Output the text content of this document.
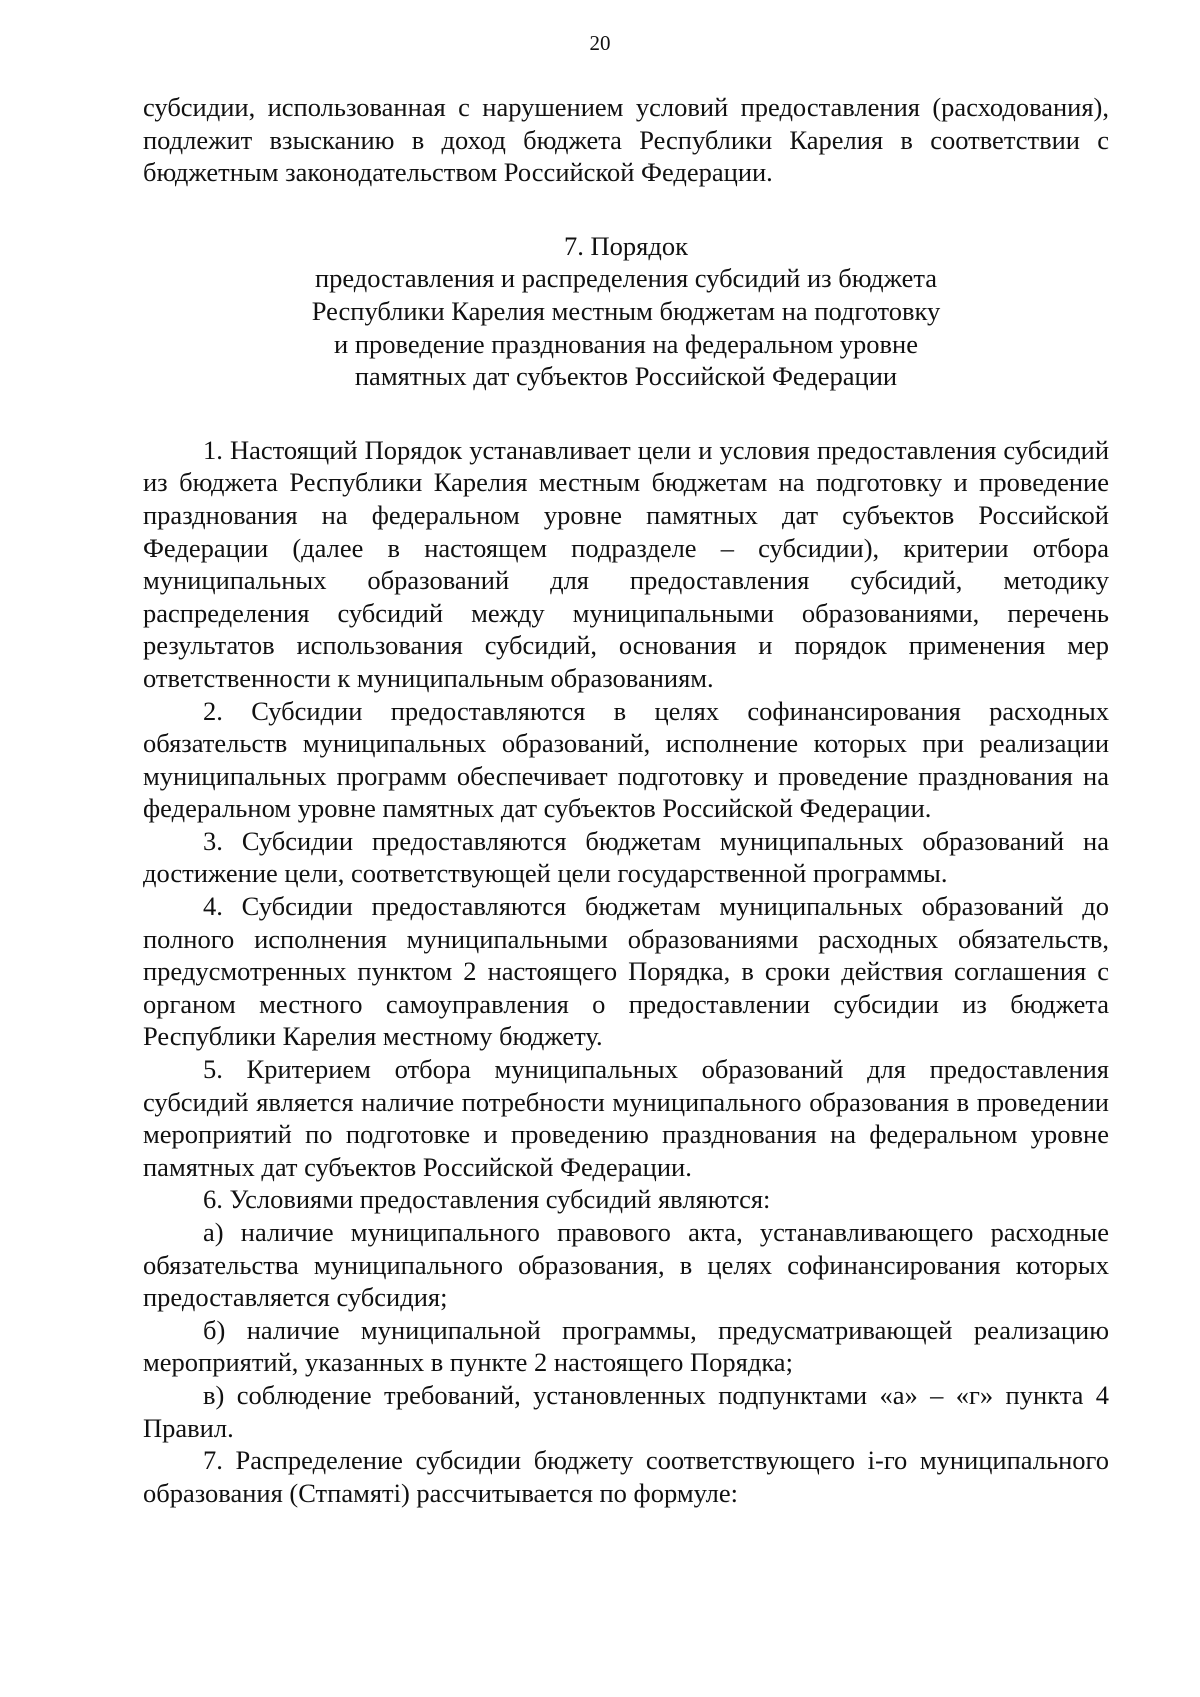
20

субсидии, использованная с нарушением условий предоставления (расходования), подлежит взысканию в доход бюджета Республики Карелия в соответствии с бюджетным законодательством Российской Федерации.

7. Порядок
предоставления и распределения субсидий из бюджета
Республики Карелия местным бюджетам на подготовку
и проведение празднования на федеральном уровне
памятных дат субъектов Российской Федерации

1. Настоящий Порядок устанавливает цели и условия предоставления субсидий из бюджета Республики Карелия местным бюджетам на подготовку и проведение празднования на федеральном уровне памятных дат субъектов Российской Федерации (далее в настоящем подразделе – субсидии), критерии отбора муниципальных образований для предоставления субсидий, методику распределения субсидий между муниципальными образованиями, перечень результатов использования субсидий, основания и порядок применения мер ответственности к муниципальным образованиям.

2. Субсидии предоставляются в целях софинансирования расходных обязательств муниципальных образований, исполнение которых при реализации муниципальных программ обеспечивает подготовку и проведение празднования на федеральном уровне памятных дат субъектов Российской Федерации.

3. Субсидии предоставляются бюджетам муниципальных образований на достижение цели, соответствующей цели государственной программы.

4. Субсидии предоставляются бюджетам муниципальных образований до полного исполнения муниципальными образованиями расходных обязательств, предусмотренных пунктом 2 настоящего Порядка, в сроки действия соглашения с органом местного самоуправления о предоставлении субсидии из бюджета Республики Карелия местному бюджету.

5. Критерием отбора муниципальных образований для предоставления субсидий является наличие потребности муниципального образования в проведении мероприятий по подготовке и проведению празднования на федеральном уровне памятных дат субъектов Российской Федерации.

6. Условиями предоставления субсидий являются:

а) наличие муниципального правового акта, устанавливающего расходные обязательства муниципального образования, в целях софинансирования которых предоставляется субсидия;

б) наличие муниципальной программы, предусматривающей реализацию мероприятий, указанных в пункте 2 настоящего Порядка;

в) соблюдение требований, установленных подпунктами «а» – «г» пункта 4 Правил.

7. Распределение субсидии бюджету соответствующего i-го муниципального образования (Стпамяті) рассчитывается по формуле:
